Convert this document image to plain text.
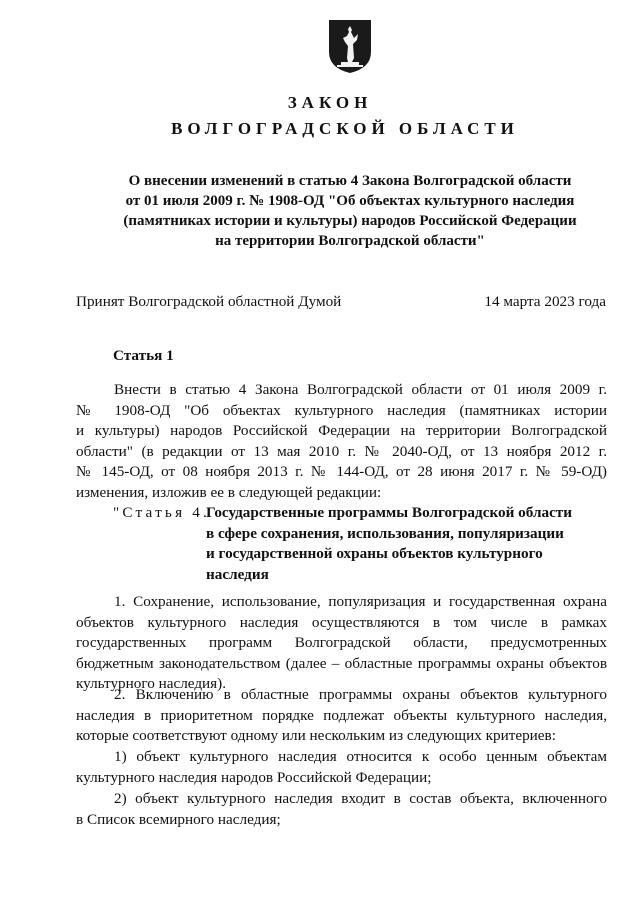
ЗАКОН
ВОЛГОГРАДСКОЙ ОБЛАСТИ
О внесении изменений в статью 4 Закона Волгоградской области
от 01 июля 2009 г. № 1908-ОД "Об объектах культурного наследия
(памятниках истории и культуры) народов Российской Федерации
на территории Волгоградской области"
Принят Волгоградской областной Думой	14 марта 2023 года
Статья 1
Внести в статью 4 Закона Волгоградской области от 01 июля 2009 г.
№ 1908-ОД "Об объектах культурного наследия (памятниках истории
и культуры) народов Российской Федерации на территории Волгоградской
области" (в редакции от 13 мая 2010 г. № 2040-ОД, от 13 ноября 2012 г.
№ 145-ОД, от 08 ноября 2013 г. № 144-ОД, от 28 июня 2017 г. № 59-ОД)
изменения, изложив ее в следующей редакции:
"Статья 4.
Государственные программы Волгоградской области
в сфере сохранения, использования, популяризации
и государственной охраны объектов культурного
наследия
1. Сохранение, использование, популяризация и государственная охрана
объектов культурного наследия осуществляются в том числе в рамках
государственных программ Волгоградской области, предусмотренных
бюджетным законодательством (далее – областные программы охраны объектов
культурного наследия).
2. Включению в областные программы охраны объектов культурного
наследия в приоритетном порядке подлежат объекты культурного наследия,
которые соответствуют одному или нескольким из следующих критериев:
1) объект культурного наследия относится к особо ценным объектам
культурного наследия народов Российской Федерации;
2) объект культурного наследия входит в состав объекта, включенного
в Список всемирного наследия;
